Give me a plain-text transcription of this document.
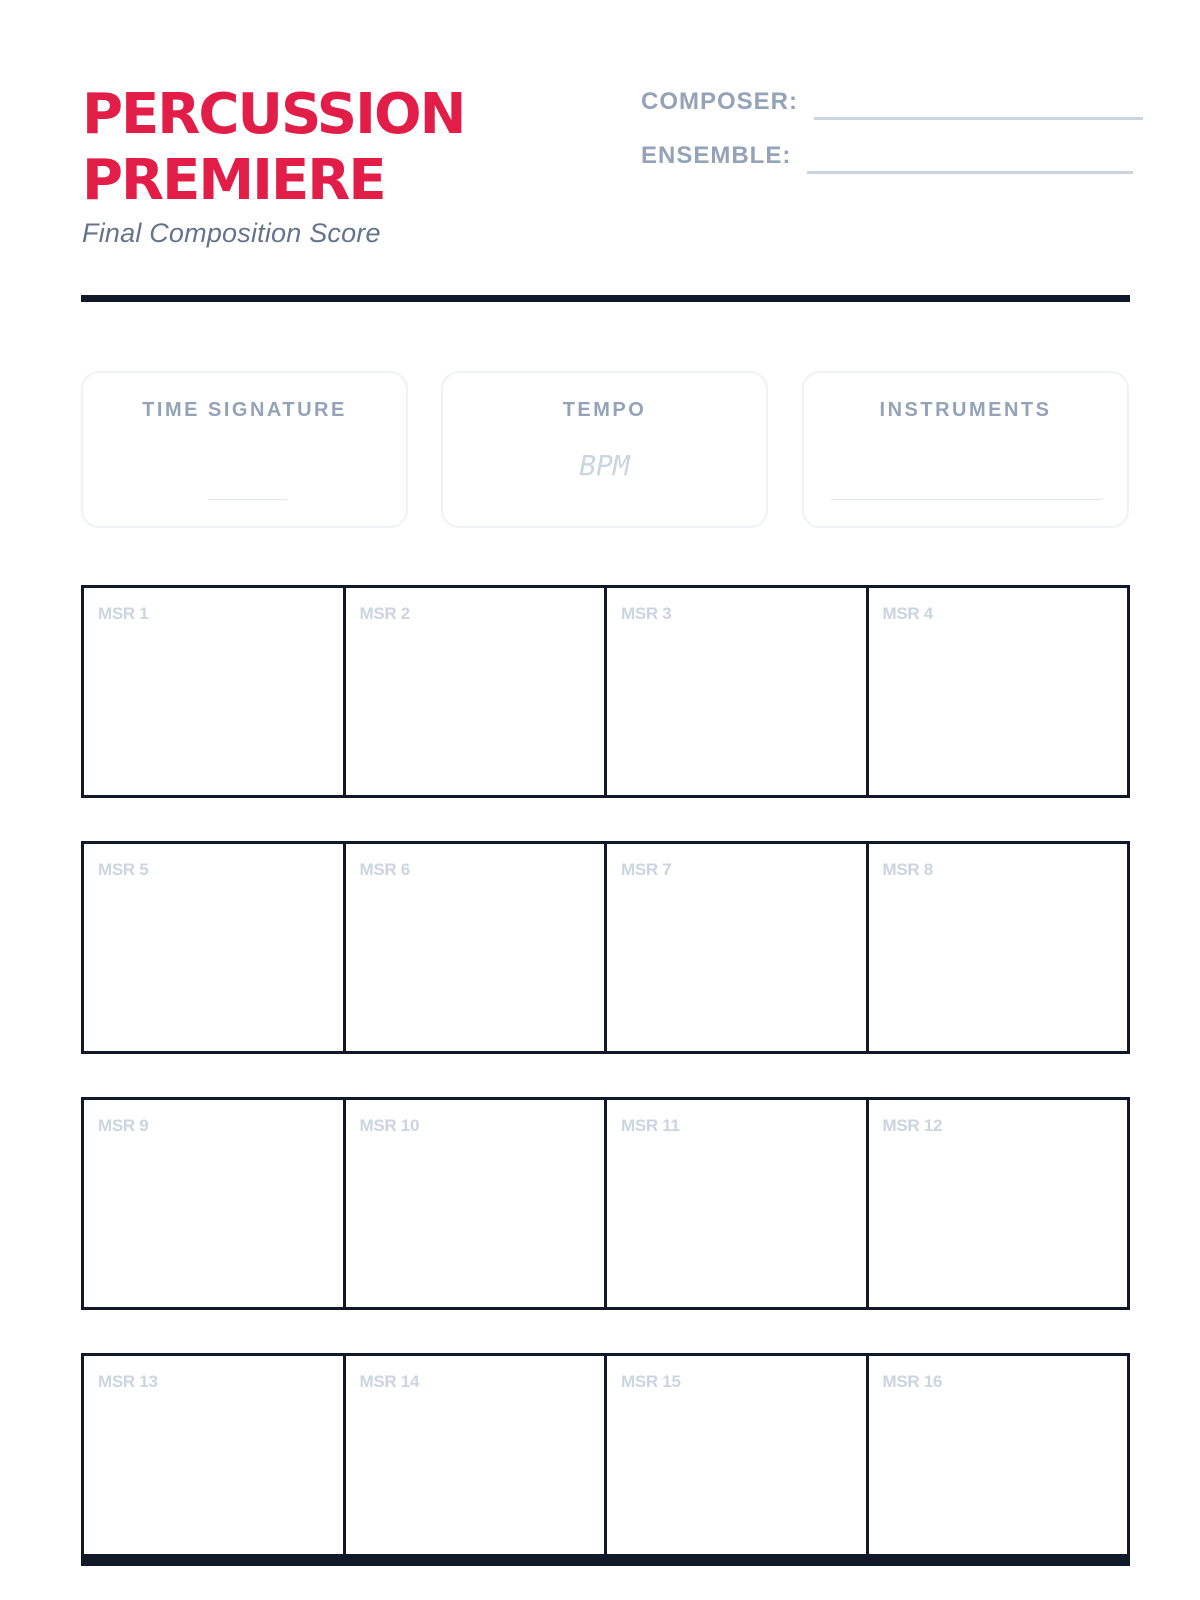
PERCUSSION
PREMIERE
Final Composition Score
COMPOSER:
ENSEMBLE:
TIME SIGNATURE	TEMPO
BPM
INSTRUMENTS
MSR 1	MSR 2	MSR 3	MSR 4
MSR 5	MSR 6	MSR 7	MSR 8
MSR 9	MSR 10	MSR 11	MSR 12
MSR 13	MSR 14	MSR 15	MSR 16
